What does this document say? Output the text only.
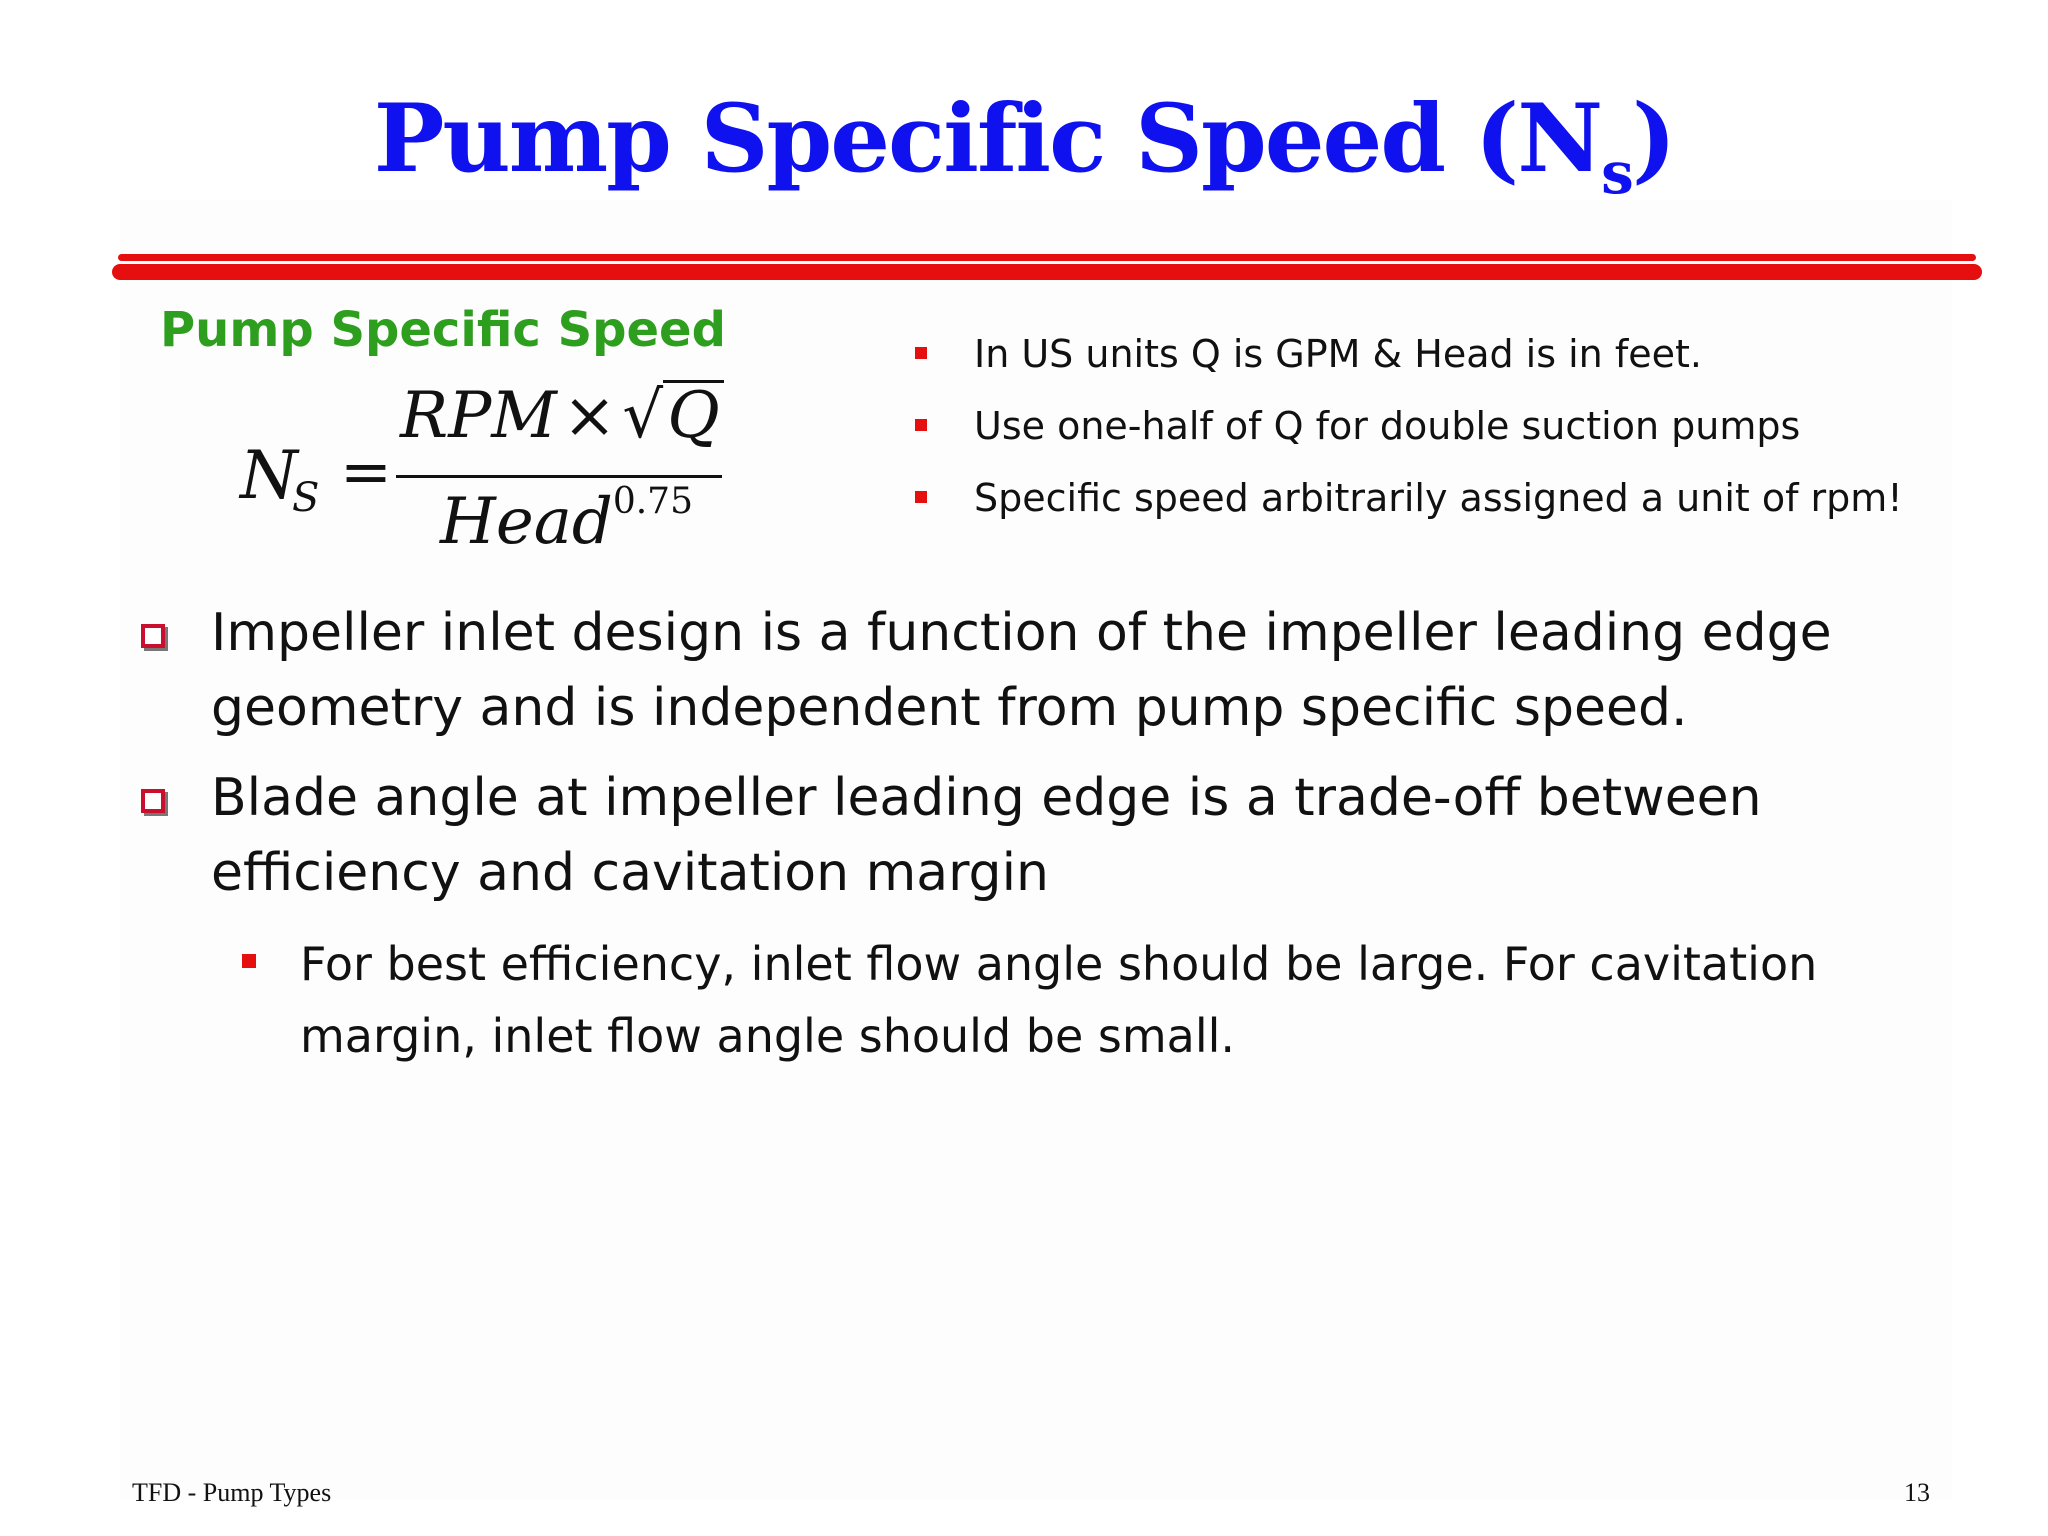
Pump Specific Speed $(N_s)$
Pump Specific Speed
N
S =
RPM×√Q
Head$^{0.75}$
In US units Q is GPM & Head is in feet.
Use one-half of Q for double suction pumps
Specific speed arbitrarily assigned a unit of rpm!
Impeller inlet design is a function of the impeller leading edge geometry and is independent from pump specific speed.
Blade angle at impeller leading edge is a trade-off between efficiency and cavitation margin
For best efficiency, inlet flow angle should be large. For cavitation margin, inlet flow angle should be small.
TFD - Pump Types	13
